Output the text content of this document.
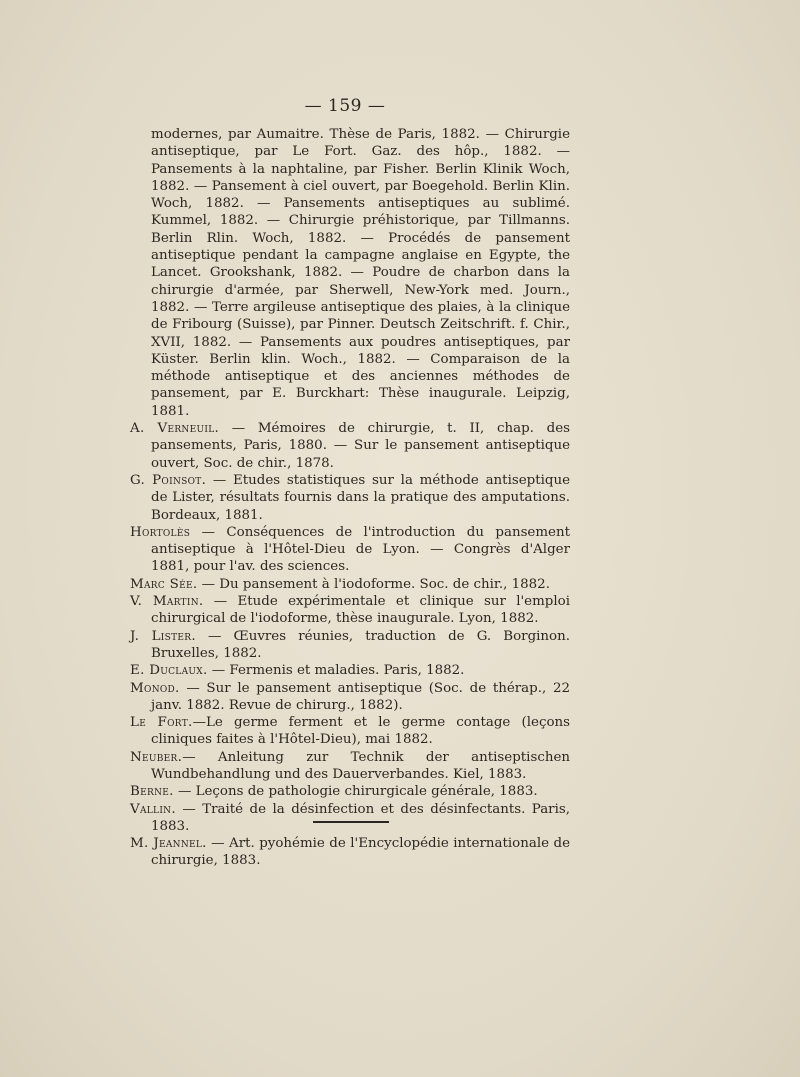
— 159 —

modernes, par Aumaitre. Thèse de Paris, 1882. — Chirurgie antiseptique, par Le Fort. Gaz. des hôp., 1882. — Pansements à la naphtaline, par Fisher. Berlin Klinik Woch, 1882. — Pansement à ciel ouvert, par Boegehold. Berlin Klin. Woch, 1882. — Pansements antiseptiques au sublimé. Kummel, 1882. — Chirurgie préhistorique, par Tillmanns. Berlin Rlin. Woch, 1882. — Procédés de pansement antiseptique pendant la campagne anglaise en Egypte, the Lancet. Grookshank, 1882. — Poudre de charbon dans la chirurgie d'armée, par Sherwell, New-York med. Journ., 1882. — Terre argileuse antiseptique des plaies, à la clinique de Fribourg (Suisse), par Pinner. Deutsch Zeitschrift. f. Chir., XVII, 1882. — Pansements aux poudres antiseptiques, par Küster. Berlin klin. Woch., 1882. — Comparaison de la méthode antiseptique et des anciennes méthodes de pansement, par E. Burckhart: Thèse inaugurale. Leipzig, 1881.

A. Verneuil. — Mémoires de chirurgie, t. II, chap. des pansements, Paris, 1880. — Sur le pansement antiseptique ouvert, Soc. de chir., 1878.

G. Poinsot. — Etudes statistiques sur la méthode antiseptique de Lister, résultats fournis dans la pratique des amputations. Bordeaux, 1881.

Hortolès — Conséquences de l'introduction du pansement antiseptique à l'Hôtel-Dieu de Lyon. — Congrès d'Alger 1881, pour l'av. des sciences.

Marc Sée. — Du pansement à l'iodoforme. Soc. de chir., 1882.

V. Martin. — Etude expérimentale et clinique sur l'emploi chirurgical de l'iodoforme, thèse inaugurale. Lyon, 1882.

J. Lister. — Œuvres réunies, traduction de G. Borginon. Bruxelles, 1882.

E. Duclaux. — Fermenis et maladies. Paris, 1882.

Monod. — Sur le pansement antiseptique (Soc. de thérap., 22 janv. 1882. Revue de chirurg., 1882).

Le Fort.—Le germe ferment et le germe contage (leçons cliniques faites à l'Hôtel-Dieu), mai 1882.

Neuber.— Anleitung zur Technik der antiseptischen Wundbehandlung und des Dauerverbandes. Kiel, 1883.

Berne. — Leçons de pathologie chirurgicale générale, 1883.

Vallin. — Traité de la désinfection et des désinfectants. Paris, 1883.

M. Jeannel. — Art. pyohémie de l'Encyclopédie internationale de chirurgie, 1883.
